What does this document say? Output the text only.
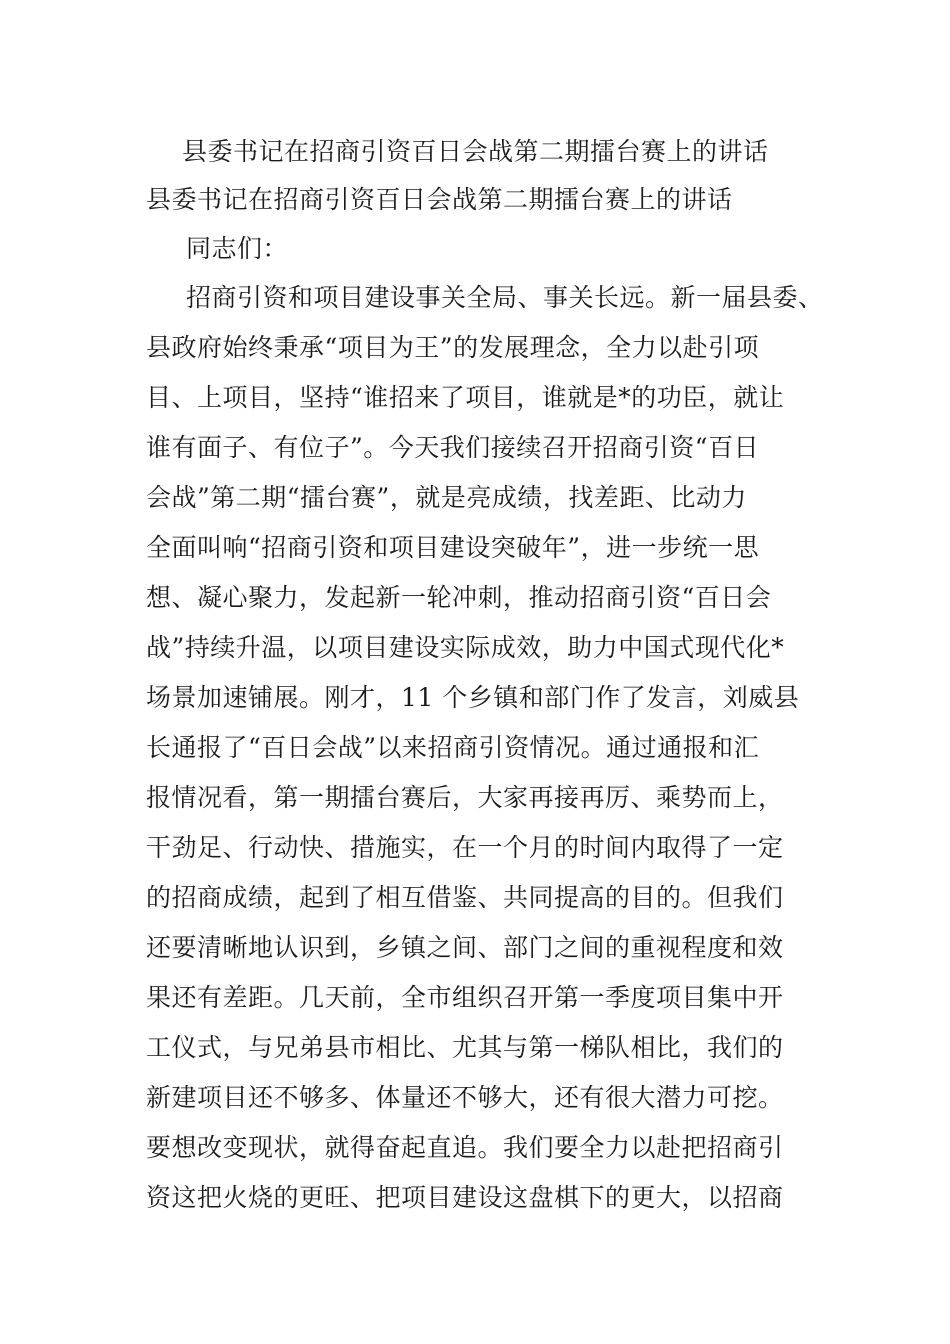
县委书记在招商引资百日会战第二期擂台赛上的讲话
县委书记在招商引资百日会战第二期擂台赛上的讲话
同志们：
招商引资和项目建设事关全局、事关长远。新一届县委、
县政府始终秉承“项目为王”的发展理念，全力以赴引项
目、上项目，坚持“谁招来了项目，谁就是*的功臣，就让
谁有面子、有位子”。今天我们接续召开招商引资“百日
会战”第二期“擂台赛”，就是亮成绩，找差距、比动力
全面叫响“招商引资和项目建设突破年”，进一步统一思
想、凝心聚力，发起新一轮冲刺，推动招商引资“百日会
战”持续升温，以项目建设实际成效，助力中国式现代化*
场景加速铺展。刚才，11 个乡镇和部门作了发言，刘威县
长通报了“百日会战”以来招商引资情况。通过通报和汇
报情况看，第一期擂台赛后，大家再接再厉、乘势而上，
干劲足、行动快、措施实，在一个月的时间内取得了一定
的招商成绩，起到了相互借鉴、共同提高的目的。但我们
还要清晰地认识到，乡镇之间、部门之间的重视程度和效
果还有差距。几天前，全市组织召开第一季度项目集中开
工仪式，与兄弟县市相比、尤其与第一梯队相比，我们的
新建项目还不够多、体量还不够大，还有很大潜力可挖。
要想改变现状，就得奋起直追。我们要全力以赴把招商引
资这把火烧的更旺、把项目建设这盘棋下的更大，以招商
